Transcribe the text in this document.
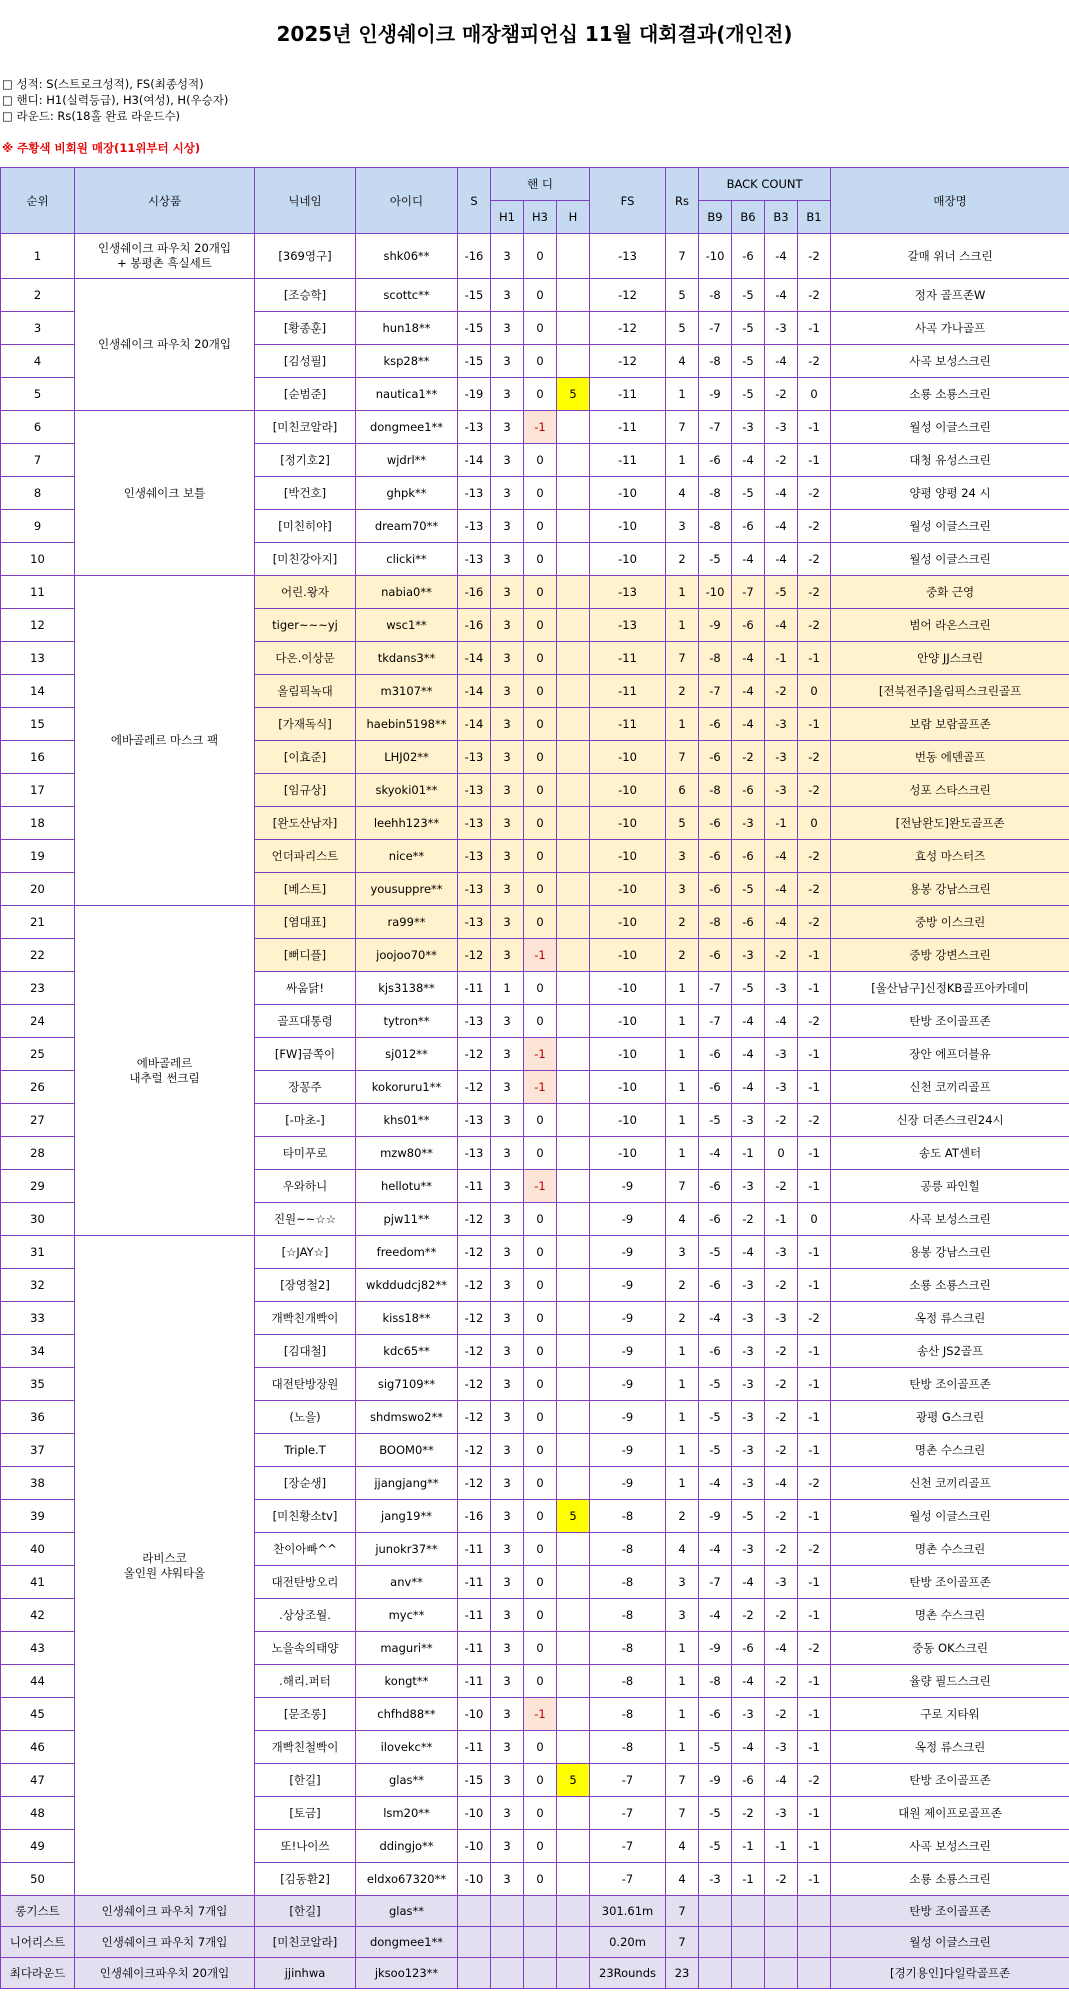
2025년 인생쉐이크 매장챔피언십 11월 대회결과(개인전)
□ 성적: S(스트로크성적), FS(최종성적)
□ 핸디: H1(실력등급), H3(여성), H(우승자)
□ 라운드: Rs(18홀 완료 라운드수)
※ 주황색 비회원 매장(11위부터 시상)
순위	시상품	닉네임	아이디	S	핸 디			FS	Rs	BACK COUNT				매장명
					H1	H3	H			B9	B6	B3	B1	
1	인생쉐이크 파우치 20개입
+ 봉평촌 흑실세트	[369영구]	shk06**	-16	3	0		-13	7	-10	-6	-4	-2	갈매 위너 스크린
2	인생쉐이크 파우치 20개입	[조승학]	scottc**	-15	3	0		-12	5	-8	-5	-4	-2	정자 골프존W
3		[황종훈]	hun18**	-15	3	0		-12	5	-7	-5	-3	-1	사곡 가나골프
4		[김성필]	ksp28**	-15	3	0		-12	4	-8	-5	-4	-2	사곡 보성스크린
5		[순범준]	nautica1**	-19	3	0	5	-11	1	-9	-5	-2	0	소룡 소룡스크린
6	인생쉐이크 보틀	[미친코알라]	dongmee1**	-13	3	-1		-11	7	-7	-3	-3	-1	월성 이글스크린
7		[정기호2]	wjdrl**	-14	3	0		-11	1	-6	-4	-2	-1	대청 유성스크린
8		[박건호]	ghpk**	-13	3	0		-10	4	-8	-5	-4	-2	양평 양평 24 시
9		[미친히야]	dream70**	-13	3	0		-10	3	-8	-6	-4	-2	월성 이글스크린
10		[미친강아지]	clicki**	-13	3	0		-10	2	-5	-4	-4	-2	월성 이글스크린
11	에바골레르 마스크 팩	어린.왕자	nabia0**	-16	3	0		-13	1	-10	-7	-5	-2	중화 근영
12		tiger~~~yj	wsc1**	-16	3	0		-13	1	-9	-6	-4	-2	범어 라온스크린
13		다온.이상문	tkdans3**	-14	3	0		-11	7	-8	-4	-1	-1	안양 JJ스크린
14		올림픽녹대	m3107**	-14	3	0		-11	2	-7	-4	-2	0	[전북전주]올림픽스크린골프
15		[가재독식]	haebin5198**	-14	3	0		-11	1	-6	-4	-3	-1	보람 보람골프존
16		[이효준]	LHJ02**	-13	3	0		-10	7	-6	-2	-3	-2	번동 에덴골프
17		[임규상]	skyoki01**	-13	3	0		-10	6	-8	-6	-3	-2	성포 스타스크린
18		[완도산남자]	leehh123**	-13	3	0		-10	5	-6	-3	-1	0	[전남완도]완도골프존
19		언더파리스트	nice**	-13	3	0		-10	3	-6	-6	-4	-2	효성 마스터즈
20		[베스트]	yousuppre**	-13	3	0		-10	3	-6	-5	-4	-2	용봉 강남스크린
21	에바골레르
내추럴 썬크림	[염대표]	ra99**	-13	3	0		-10	2	-8	-6	-4	-2	중방 이스크린
22		[뻐디플]	joojoo70**	-12	3	-1		-10	2	-6	-3	-2	-1	중방 강변스크린
23		싸움닭!	kjs3138**	-11	1	0		-10	1	-7	-5	-3	-1	[울산남구]신정KB골프아카데미
24		골프대통령	tytron**	-13	3	0		-10	1	-7	-4	-4	-2	탄방 조이골프존
25		[FW]금쪽이	sj012**	-12	3	-1		-10	1	-6	-4	-3	-1	장안 에프더블유
26		장꽁주	kokoruru1**	-12	3	-1		-10	1	-6	-4	-3	-1	신천 코끼리골프
27		[-마초-]	khs01**	-13	3	0		-10	1	-5	-3	-2	-2	신장 더존스크린24시
28		타미푸로	mzw80**	-13	3	0		-10	1	-4	-1	0	-1	송도 AT센터
29		우와하니	hellotu**	-11	3	-1		-9	7	-6	-3	-2	-1	공릉 파인힐
30		진원~~☆☆	pjw11**	-12	3	0		-9	4	-6	-2	-1	0	사곡 보성스크린
31	라비스코
올인원 샤워타올	[☆JAY☆]	freedom**	-12	3	0		-9	3	-5	-4	-3	-1	용봉 강남스크린
32		[장영철2]	wkddudcj82**	-12	3	0		-9	2	-6	-3	-2	-1	소룡 소룡스크린
33		개빡친개빡이	kiss18**	-12	3	0		-9	2	-4	-3	-3	-2	옥정 류스크린
34		[김대철]	kdc65**	-12	3	0		-9	1	-6	-3	-2	-1	송산 JS2골프
35		대전탄방장원	sig7109**	-12	3	0		-9	1	-5	-3	-2	-1	탄방 조이골프존
36		(노을)	shdmswo2**	-12	3	0		-9	1	-5	-3	-2	-1	광평 G스크린
37		Triple.T	BOOM0**	-12	3	0		-9	1	-5	-3	-2	-1	명촌 수스크린
38		[장순생]	jjangjang**	-12	3	0		-9	1	-4	-3	-4	-2	신천 코끼리골프
39		[미친황소tv]	jang19**	-16	3	0	5	-8	2	-9	-5	-2	-1	월성 이글스크린
40		찬이아빠^^	junokr37**	-11	3	0		-8	4	-4	-3	-2	-2	명촌 수스크린
41		대전탄방오리	anv**	-11	3	0		-8	3	-7	-4	-3	-1	탄방 조이골프존
42		.상상조월.	myc**	-11	3	0		-8	3	-4	-2	-2	-1	명촌 수스크린
43		노을속의태양	maguri**	-11	3	0		-8	1	-9	-6	-4	-2	중동 OK스크린
44		.해리.퍼터	kongt**	-11	3	0		-8	1	-8	-4	-2	-1	율량 필드스크린
45		[문조롱]	chfhd88**	-10	3	-1		-8	1	-6	-3	-2	-1	구로 지타워
46		개빡친철빡이	ilovekc**	-11	3	0		-8	1	-5	-4	-3	-1	옥정 류스크린
47		[한길]	glas**	-15	3	0	5	-7	7	-9	-6	-4	-2	탄방 조이골프존
48		[토금]	lsm20**	-10	3	0		-7	7	-5	-2	-3	-1	대원 제이프로골프존
49		또!나이쓰	ddingjo**	-10	3	0		-7	4	-5	-1	-1	-1	사곡 보성스크린
50		[김동환2]	eldxo67320**	-10	3	0		-7	4	-3	-1	-2	-1	소룡 소룡스크린
롱기스트	인생쉐이크 파우치 7개입	[한길]	glas**					301.61m	7					탄방 조이골프존
니어리스트	인생쉐이크 파우치 7개입	[미친코알라]	dongmee1**					0.20m	7					월성 이글스크린
최다라운드	인생쉐이크파우치 20개입	jjinhwa	jksoo123**					23Rounds	23					[경기용인]다일락골프존
